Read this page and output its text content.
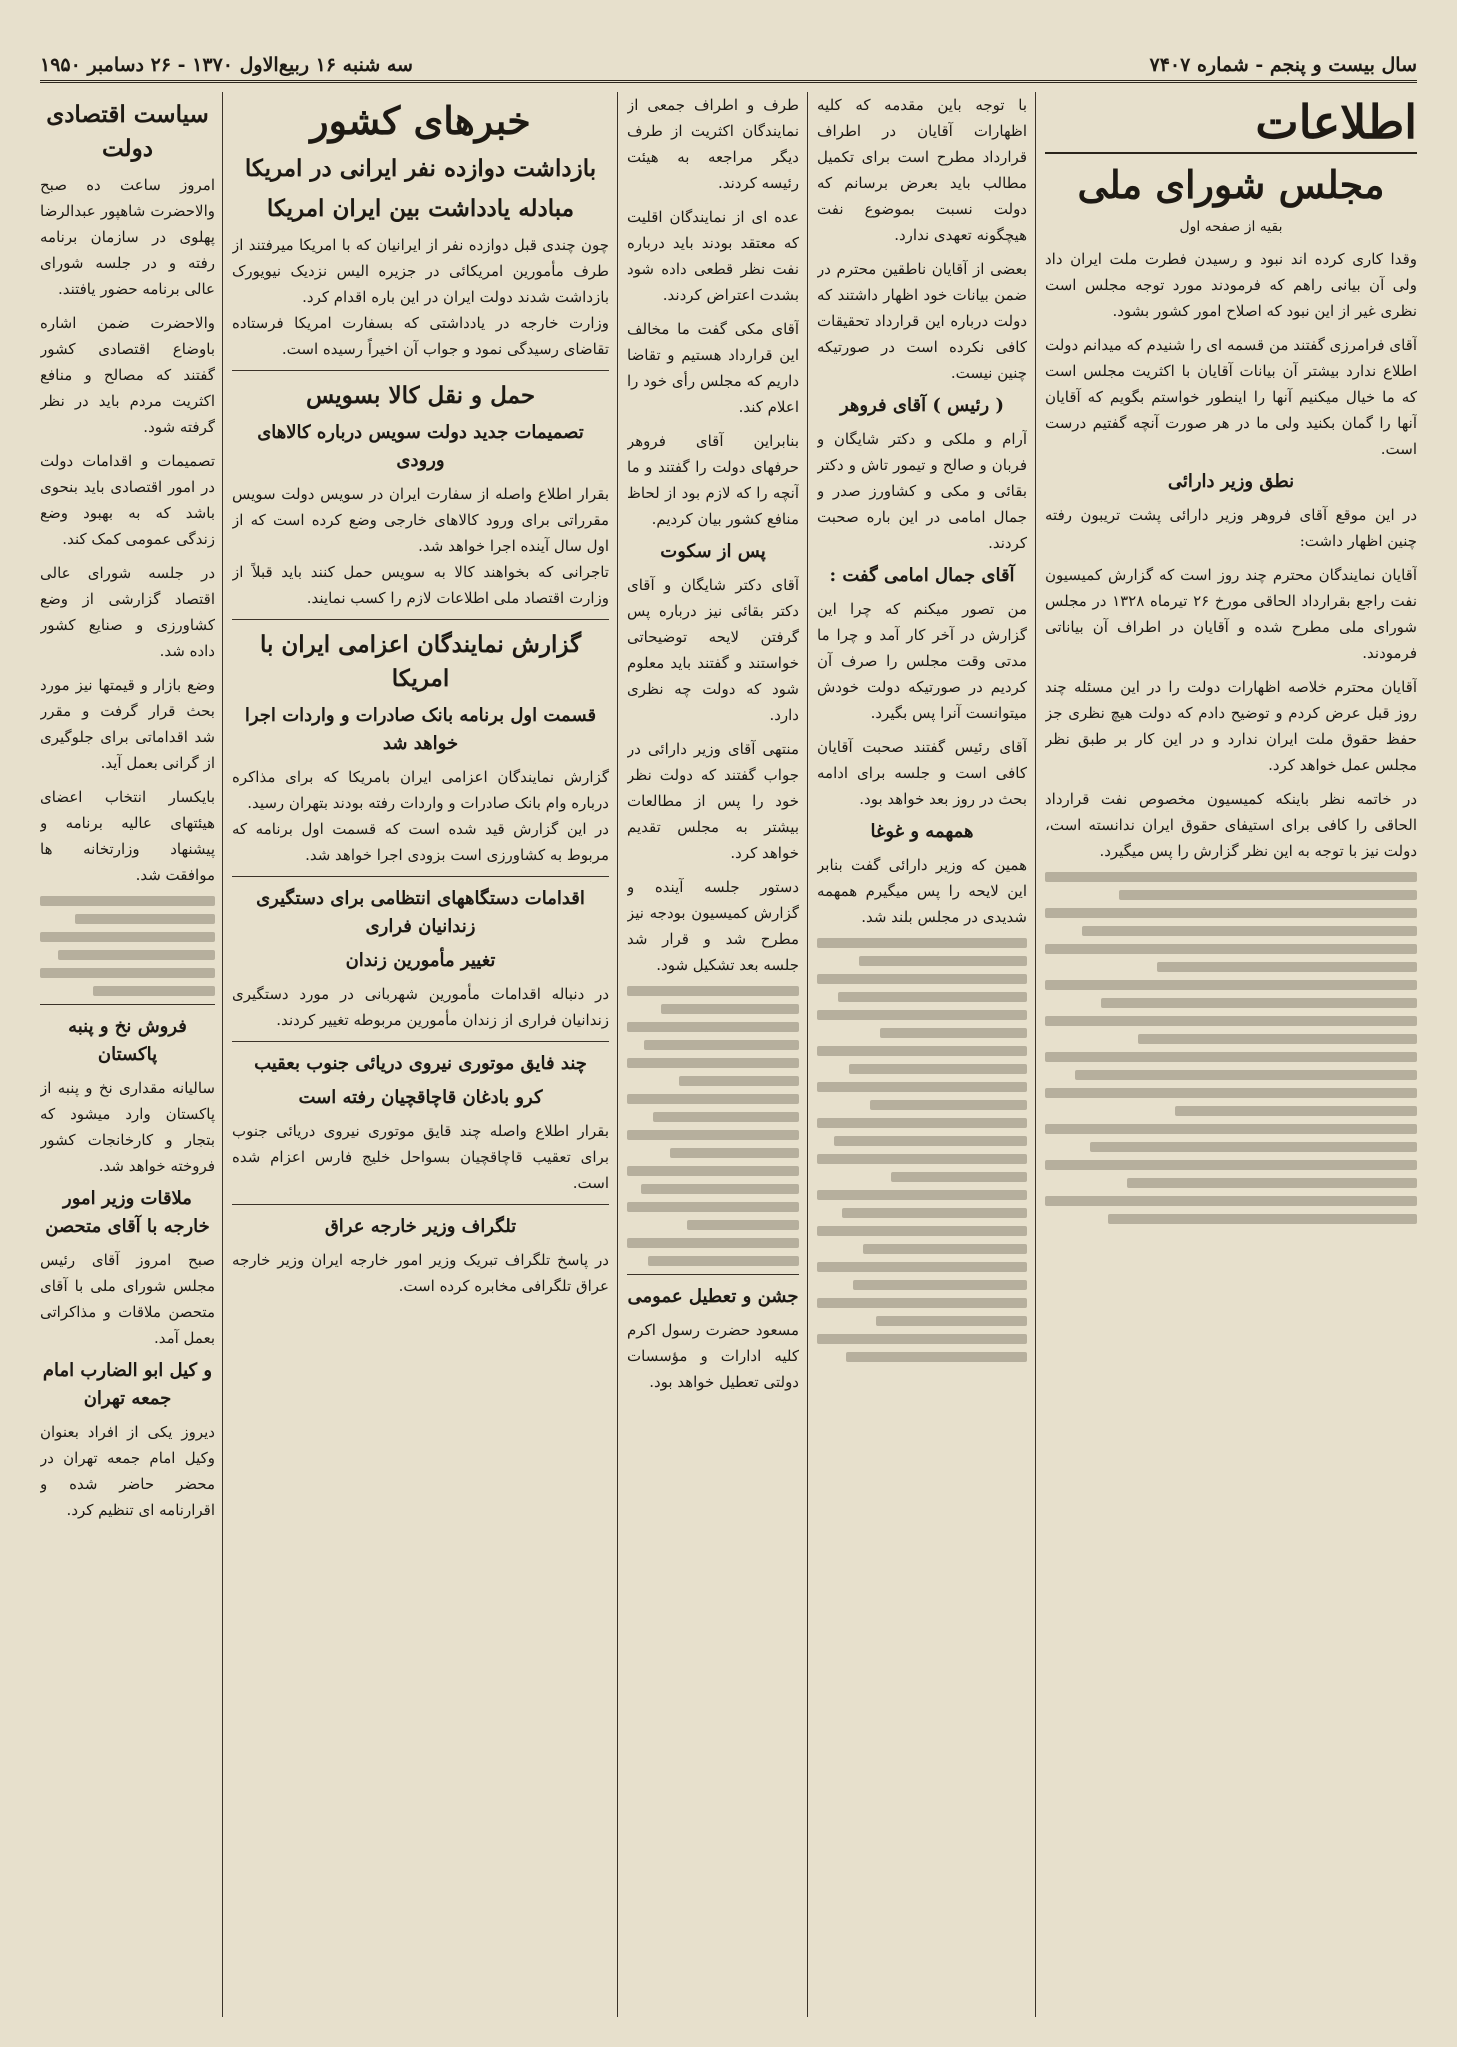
سال بیست و پنجم - شماره ۷۴۰۷
سه شنبه ۱۶ ربیع‌الاول ۱۳۷۰ - ۲۶ دسامبر ۱۹۵۰
اطلاعات
مجلس شورای ملی
بقیه از صفحه اول

وقدا کاری کرده اند نبود و رسیدن فطرت ملت ایران داد ولی آن بیانی راهم که فرمودند مورد توجه مجلس است نظری غیر از این نبود که اصلاح امور کشور بشود.

آقای فرامرزی گفتند من قسمه ای را شنیدم که میدانم دولت اطلاع ندارد بیشتر آن بیانات آقایان با اکثریت مجلس است که ما خیال میکنیم آنها را اینطور خواستم بگویم که آقایان آنها را گمان بکنید ولی ما در هر صورت آنچه گفتیم درست است.

نطق وزیر دارائی

در این موقع آقای فروهر وزیر دارائی پشت تریبون رفته چنین اظهار داشت:

آقایان نمایندگان محترم چند روز است که گزارش کمیسیون نفت راجع بقرارداد الحاقی مورخ ۲۶ تیرماه ۱۳۲۸ در مجلس شورای ملی مطرح شده و آقایان در اطراف آن بیاناتی فرمودند.

آقایان محترم خلاصه اظهارات دولت را در این مسئله چند روز قبل عرض کردم و توضیح دادم که دولت هیچ نظری جز حفظ حقوق ملت ایران ندارد و در این کار بر طبق نظر مجلس عمل خواهد کرد.

در خاتمه نظر باینکه کمیسیون مخصوص نفت قرارداد الحاقی را کافی برای استیفای حقوق ایران ندانسته است، دولت نیز با توجه به این نظر گزارش را پس میگیرد.

با توجه باین مقدمه که کلیه اظهارات آقایان در اطراف قرارداد مطرح است برای تکمیل مطالب باید بعرض برسانم که دولت نسبت بموضوع نفت هیچگونه تعهدی ندارد.

بعضی از آقایان ناطقین محترم در ضمن بیانات خود اظهار داشتند که دولت درباره این قرارداد تحقیقات کافی نکرده است در صورتیکه چنین نیست.

( رئیس ) آقای فروهر

آرام و ملکی و دکتر شایگان و فربان و صالح و تیمور تاش و دکتر بقائی و مکی و کشاورز صدر و جمال امامی در این باره صحبت کردند.

آقای جمال امامی گفت :

من تصور میکنم که چرا این گزارش در آخر کار آمد و چرا ما مدتی وقت مجلس را صرف آن کردیم در صورتیکه دولت خودش میتوانست آنرا پس بگیرد.

آقای رئیس گفتند صحبت آقایان کافی است و جلسه برای ادامه بحث در روز بعد خواهد بود.

همهمه و غوغا

همین که وزیر دارائی گفت بنابر این لایحه را پس میگیرم همهمه شدیدی در مجلس بلند شد.

طرف و اطراف جمعی از نمایندگان اکثریت از طرف دیگر مراجعه به هیئت رئیسه کردند.

عده ای از نمایندگان اقلیت که معتقد بودند باید درباره نفت نظر قطعی داده شود بشدت اعتراض کردند.

آقای مکی گفت ما مخالف این قرارداد هستیم و تقاضا داریم که مجلس رأی خود را اعلام کند.

بنابراین آقای فروهر حرفهای دولت را گفتند و ما آنچه را که لازم بود از لحاظ منافع کشور بیان کردیم.

پس از سکوت

آقای دکتر شایگان و آقای دکتر بقائی نیز درباره پس گرفتن لایحه توضیحاتی خواستند و گفتند باید معلوم شود که دولت چه نظری دارد.

منتهی آقای وزیر دارائی در جواب گفتند که دولت نظر خود را پس از مطالعات بیشتر به مجلس تقدیم خواهد کرد.

دستور جلسه آینده و گزارش کمیسیون بودجه نیز مطرح شد و قرار شد جلسه بعد تشکیل شود.

جشن و تعطیل عمومی

مسعود حضرت رسول اکرم کلیه ادارات و مؤسسات دولتی تعطیل خواهد بود.

خبرهای کشور
بازداشت دوازده نفر ایرانی در امریکا
مبادله یادداشت بین ایران امریکا

چون چندی قبل دوازده نفر از ایرانیان که با امریکا میرفتند از طرف مأمورین امریکائی در جزیره الیس نزدیک نیویورک بازداشت شدند دولت ایران در این باره اقدام کرد.

وزارت خارجه در یادداشتی که بسفارت امریکا فرستاده تقاضای رسیدگی نمود و جواب آن اخیراً رسیده است.

حمل و نقل کالا بسویس
تصمیمات جدید دولت سویس درباره کالاهای ورودی

بقرار اطلاع واصله از سفارت ایران در سویس دولت سویس مقرراتی برای ورود کالاهای خارجی وضع کرده است که از اول سال آینده اجرا خواهد شد.

تاجرانی که بخواهند کالا به سویس حمل کنند باید قبلاً از وزارت اقتصاد ملی اطلاعات لازم را کسب نمایند.

گزارش نمایندگان اعزامی ایران با امریکا
قسمت اول برنامه بانک صادرات و واردات اجرا خواهد شد

گزارش نمایندگان اعزامی ایران بامریکا که برای مذاکره درباره وام بانک صادرات و واردات رفته بودند بتهران رسید.

در این گزارش قید شده است که قسمت اول برنامه که مربوط به کشاورزی است بزودی اجرا خواهد شد.

اقدامات دستگاههای انتظامی برای دستگیری زندانیان فراری
تغییر مأمورین زندان

در دنباله اقدامات مأمورین شهربانی در مورد دستگیری زندانیان فراری از زندان مأمورین مربوطه تغییر کردند.

چند فایق موتوری نیروی دریائی جنوب بعقیب
کرو بادغان قاچاقچیان رفته است

بقرار اطلاع واصله چند قایق موتوری نیروی دریائی جنوب برای تعقیب قاچاقچیان بسواحل خلیج فارس اعزام شده است.

تلگراف وزیر خارجه عراق

در پاسخ تلگراف تبریک وزیر امور خارجه ایران وزیر خارجه عراق تلگرافی مخابره کرده است.

سیاست اقتصادی دولت

امروز ساعت ده صبح والاحضرت شاهپور عبدالرضا پهلوی در سازمان برنامه رفته و در جلسه شورای عالی برنامه حضور یافتند.

والاحضرت ضمن اشاره باوضاع اقتصادی کشور گفتند که مصالح و منافع اکثریت مردم باید در نظر گرفته شود.

تصمیمات و اقدامات دولت در امور اقتصادی باید بنحوی باشد که به بهبود وضع زندگی عمومی کمک کند.

در جلسه شورای عالی اقتصاد گزارشی از وضع کشاورزی و صنایع کشور داده شد.

وضع بازار و قیمتها نیز مورد بحث قرار گرفت و مقرر شد اقداماتی برای جلوگیری از گرانی بعمل آید.

بایکسار انتخاب اعضای هیئتهای عالیه برنامه و پیشنهاد وزارتخانه ها موافقت شد.

فروش نخ و پنبه پاکستان

سالیانه مقداری نخ و پنبه از پاکستان وارد میشود که بتجار و کارخانجات کشور فروخته خواهد شد.

ملاقات وزیر امور خارجه با آقای متحصن

صبح امروز آقای رئیس مجلس شورای ملی با آقای متحصن ملاقات و مذاکراتی بعمل آمد.

و کیل ابو الضارب امام جمعه تهران

دیروز یکی از افراد بعنوان وکیل امام جمعه تهران در محضر حاضر شده و اقرارنامه ای تنظیم کرد.
